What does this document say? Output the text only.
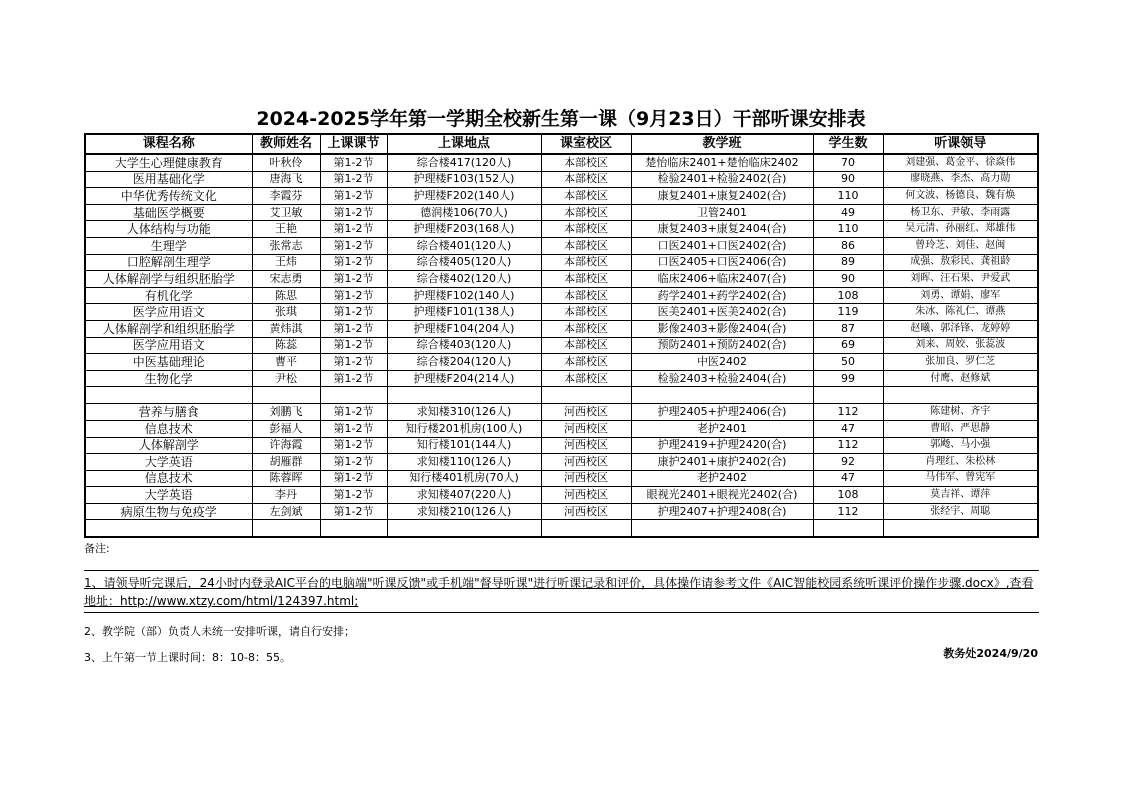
2024-2025学年第一学期全校新生第一课（9月23日）干部听课安排表
课程名称	教师姓名	上课课节	上课地点	课室校区	教学班	学生数	听课领导
大学生心理健康教育	叶秋伶	第1-2节	综合楼417(120人)	本部校区	楚怡临床2401+楚怡临床2402	70	刘建强、葛金平、徐焱伟
医用基础化学	唐海飞	第1-2节	护理楼F103(152人)	本部校区	检验2401+检验2402(合)	90	廖晓燕、李杰、高力勋
中华优秀传统文化	李霞芬	第1-2节	护理楼F202(140人)	本部校区	康复2401+康复2402(合)	110	何文波、杨德良、魏有焕
基础医学概要	艾卫敏	第1-2节	德润楼106(70人)	本部校区	卫管2401	49	杨卫东、尹敏、李雨露
人体结构与功能	王艳	第1-2节	护理楼F203(168人)	本部校区	康复2403+康复2404(合)	110	吴元清、孙丽红、郑雄伟
生理学	张常志	第1-2节	综合楼401(120人)	本部校区	口医2401+口医2402(合)	86	曾玲芝、刘佳、赵闽
口腔解剖生理学	王炜	第1-2节	综合楼405(120人)	本部校区	口医2405+口医2406(合)	89	成强、敖彩民、龚祖龄
人体解剖学与组织胚胎学	宋志勇	第1-2节	综合楼402(120人)	本部校区	临床2406+临床2407(合)	90	刘晖、汪石果、尹爱武
有机化学	陈思	第1-2节	护理楼F102(140人)	本部校区	药学2401+药学2402(合)	108	刘勇、谭娟、廖军
医学应用语文	张琪	第1-2节	护理楼F101(138人)	本部校区	医美2401+医美2402(合)	119	朱冰、陈礼仁、谭燕
人体解剖学和组织胚胎学	黄炜淇	第1-2节	护理楼F104(204人)	本部校区	影像2403+影像2404(合)	87	赵曦、郭泽锋、龙婷婷
医学应用语文	陈蕊	第1-2节	综合楼403(120人)	本部校区	预防2401+预防2402(合)	69	刘来、周姣、张蕊波
中医基础理论	曹平	第1-2节	综合楼204(120人)	本部校区	中医2402	50	张加良、罗仁芝
生物化学	尹松	第1-2节	护理楼F204(214人)	本部校区	检验2403+检验2404(合)	99	付鹰、赵修斌

营养与膳食	刘鹏飞	第1-2节	求知楼310(126人)	河西校区	护理2405+护理2406(合)	112	陈建树、齐宇
信息技术	彭福人	第1-2节	知行楼201机房(100人)	河西校区	老护2401	47	曹昭、严思静
人体解剖学	许海霞	第1-2节	知行楼101(144人)	河西校区	护理2419+护理2420(合)	112	郭飏、马小强
大学英语	胡雁群	第1-2节	求知楼110(126人)	河西校区	康护2401+康护2402(合)	92	肖理红、朱松林
信息技术	陈蓉晖	第1-2节	知行楼401机房(70人)	河西校区	老护2402	47	马伟军、曾宪军
大学英语	李丹	第1-2节	求知楼407(220人)	河西校区	眼视光2401+眼视光2402(合)	108	莫吉祥、谭萍
病原生物与免疫学	左剑斌	第1-2节	求知楼210(126人)	河西校区	护理2407+护理2408(合)	112	张经宇、周聪

备注:
1、请领导听完课后，24小时内登录AIC平台的电脑端"听课反馈"或手机端"督导听课"进行听课记录和评价，具体操作请参考文件《AIC智能校园系统听课评价操作步骤.docx》,查看地址：http://www.xtzy.com/html/124397.html;
2、教学院（部）负责人未统一安排听课，请自行安排；
3、上午第一节上课时间：8：10-8：55。	教务处2024/9/20
